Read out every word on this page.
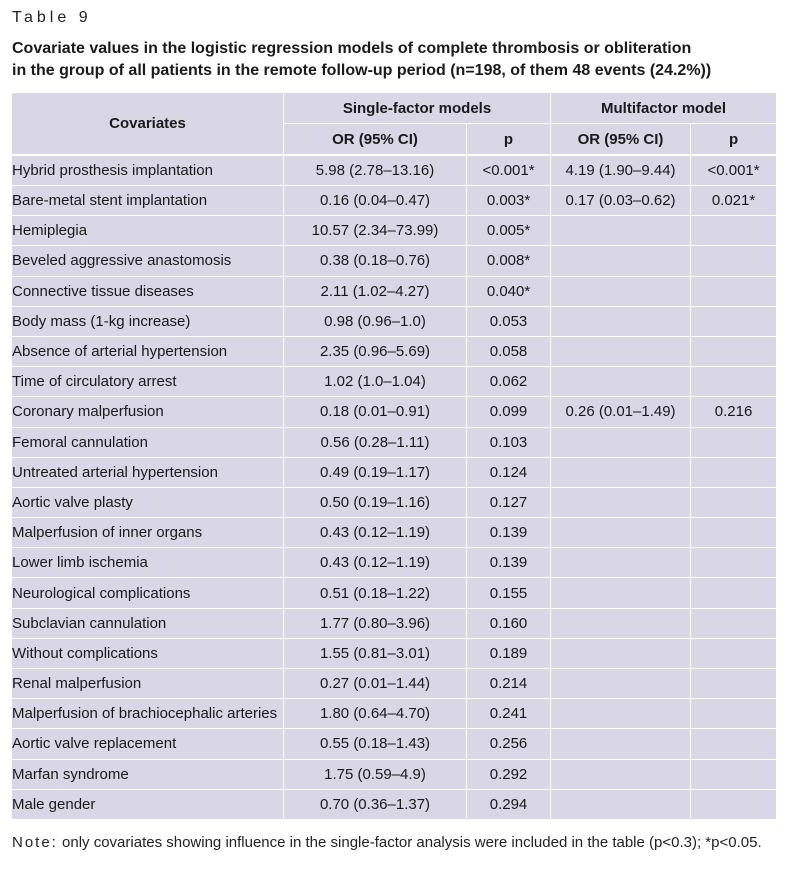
Table 9
Covariate values in the logistic regression models of complete thrombosis or obliteration
in the group of all patients in the remote follow-up period (n=198, of them 48 events (24.2%))
Covariates	Single-factor models		Multifactor model	
	OR (95% CI)	p	OR (95% CI)	p
Hybrid prosthesis implantation	5.98 (2.78–13.16)	<0.001*	4.19 (1.90–9.44)	<0.001*
Bare-metal stent implantation	0.16 (0.04–0.47)	0.003*	0.17 (0.03–0.62)	0.021*
Hemiplegia	10.57 (2.34–73.99)	0.005*		
Beveled aggressive anastomosis	0.38 (0.18–0.76)	0.008*		
Connective tissue diseases	2.11 (1.02–4.27)	0.040*		
Body mass (1-kg increase)	0.98 (0.96–1.0)	0.053		
Absence of arterial hypertension	2.35 (0.96–5.69)	0.058		
Time of circulatory arrest	1.02 (1.0–1.04)	0.062		
Coronary malperfusion	0.18 (0.01–0.91)	0.099	0.26 (0.01–1.49)	0.216
Femoral cannulation	0.56 (0.28–1.11)	0.103		
Untreated arterial hypertension	0.49 (0.19–1.17)	0.124		
Aortic valve plasty	0.50 (0.19–1.16)	0.127		
Malperfusion of inner organs	0.43 (0.12–1.19)	0.139		
Lower limb ischemia	0.43 (0.12–1.19)	0.139		
Neurological complications	0.51 (0.18–1.22)	0.155		
Subclavian cannulation	1.77 (0.80–3.96)	0.160		
Without complications	1.55 (0.81–3.01)	0.189		
Renal malperfusion	0.27 (0.01–1.44)	0.214		
Malperfusion of brachiocephalic arteries	1.80 (0.64–4.70)	0.241		
Aortic valve replacement	0.55 (0.18–1.43)	0.256		
Marfan syndrome	1.75 (0.59–4.9)	0.292		
Male gender	0.70 (0.36–1.37)	0.294		
Note: only covariates showing influence in the single-factor analysis were included in the table (p<0.3); *p<0.05.
